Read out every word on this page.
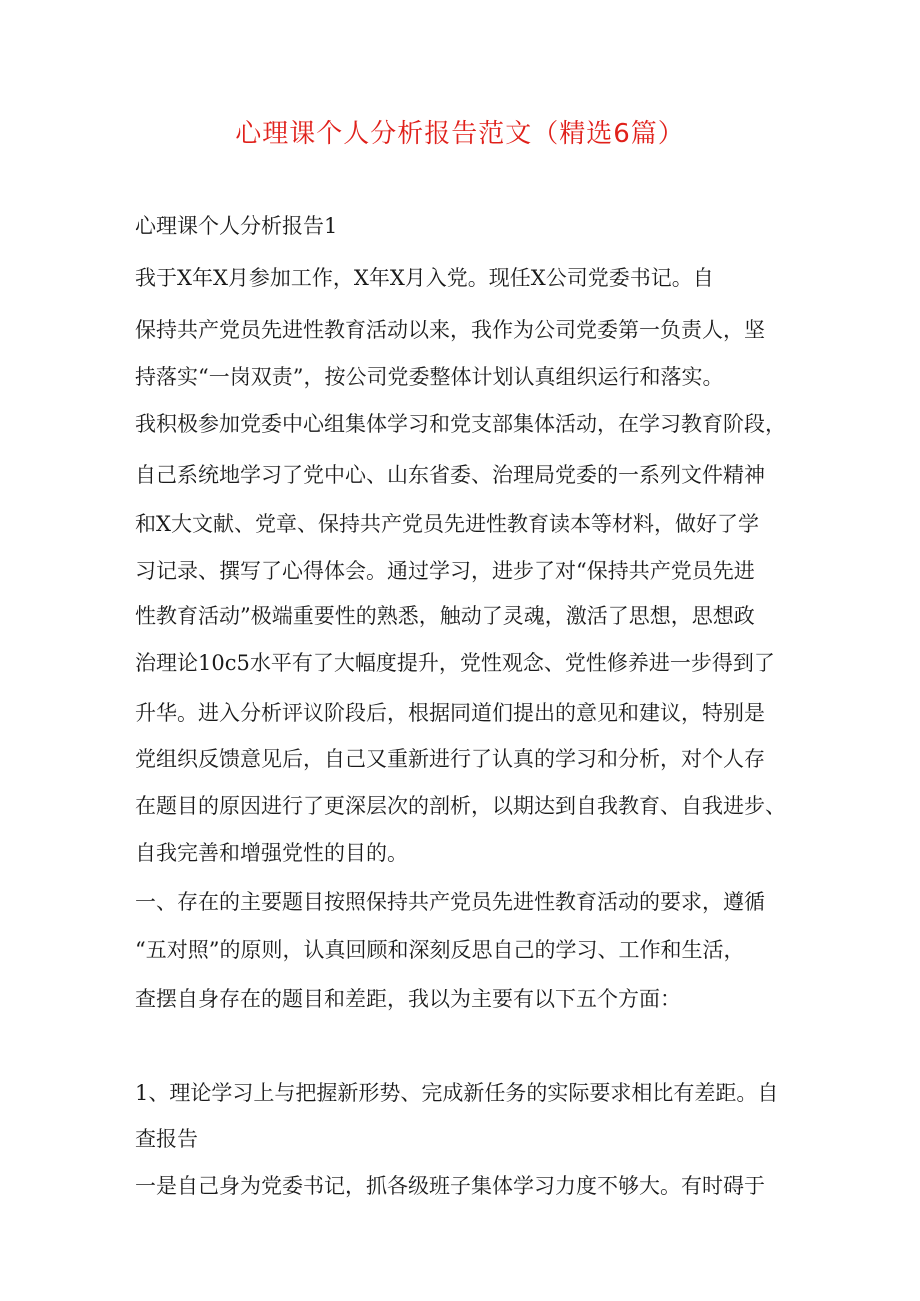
心理课个人分析报告范文（精选6篇）
心理课个人分析报告1
我于X年X月参加工作，X年X月入党。现任X公司党委书记。自
保持共产党员先进性教育活动以来，我作为公司党委第一负责人，坚
持落实“一岗双责”，按公司党委整体计划认真组织运行和落实。
我积极参加党委中心组集体学习和党支部集体活动，在学习教育阶段，
自己系统地学习了党中心、山东省委、治理局党委的一系列文件精神
和X大文献、党章、保持共产党员先进性教育读本等材料，做好了学
习记录、撰写了心得体会。通过学习，进步了对“保持共产党员先进
性教育活动”极端重要性的熟悉，触动了灵魂，激活了思想，思想政
治理论10c5水平有了大幅度提升，党性观念、党性修养进一步得到了
升华。进入分析评议阶段后，根据同道们提出的意见和建议，特别是
党组织反馈意见后，自己又重新进行了认真的学习和分析，对个人存
在题目的原因进行了更深层次的剖析，以期达到自我教育、自我进步、
自我完善和增强党性的目的。
一、存在的主要题目按照保持共产党员先进性教育活动的要求，遵循
“五对照”的原则，认真回顾和深刻反思自己的学习、工作和生活，
查摆自身存在的题目和差距，我以为主要有以下五个方面：
1、理论学习上与把握新形势、完成新任务的实际要求相比有差距。自
查报告
一是自己身为党委书记，抓各级班子集体学习力度不够大。有时碍于
